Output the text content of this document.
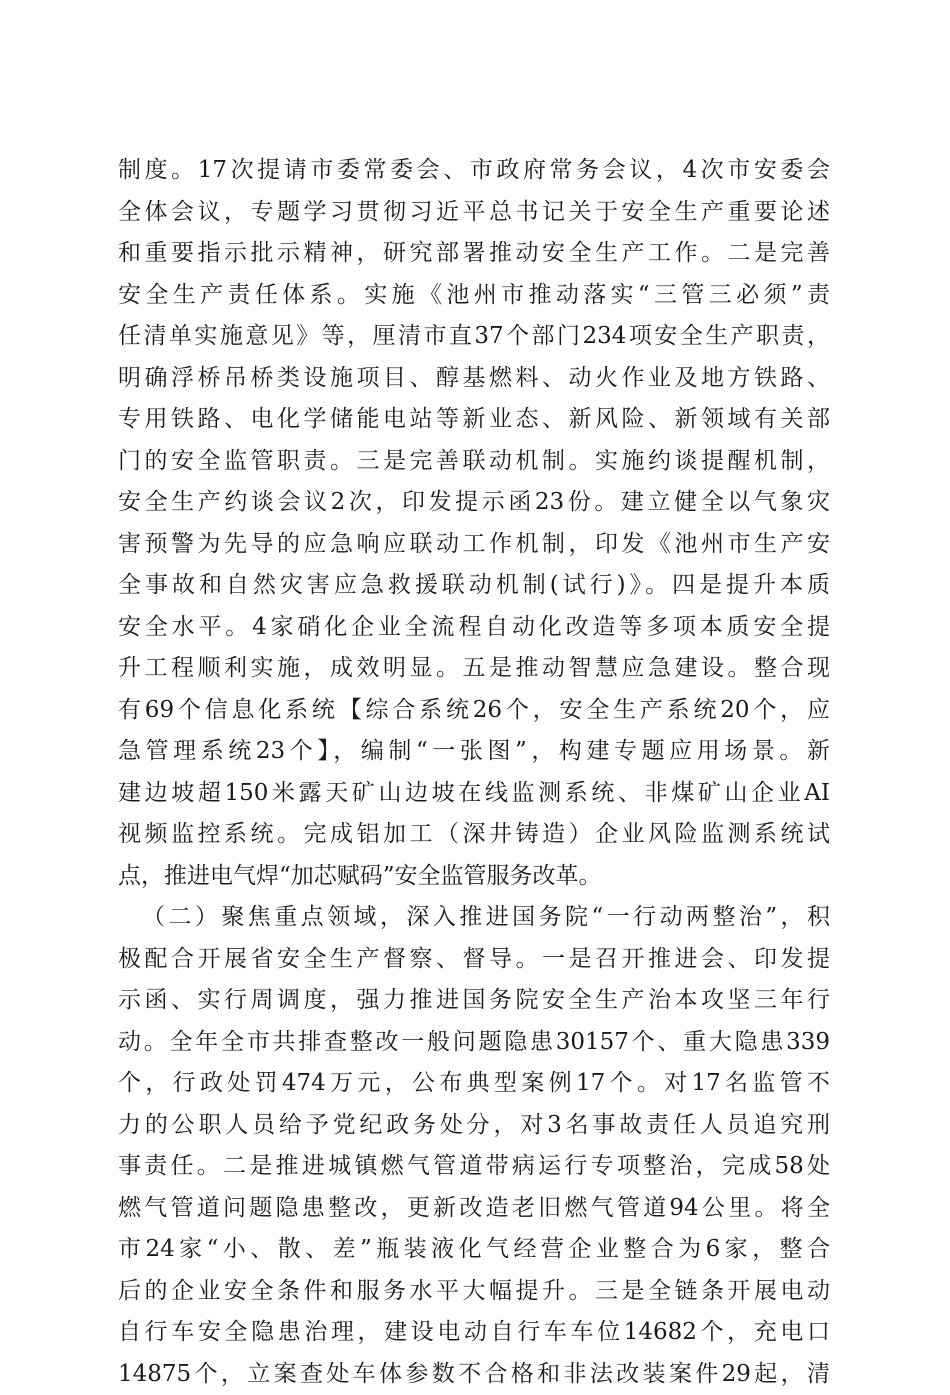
制度。17次提请市委常委会、市政府常务会议，4次市安委会
全体会议，专题学习贯彻习近平总书记关于安全生产重要论述
和重要指示批示精神，研究部署推动安全生产工作。二是完善
安全生产责任体系。实施《池州市推动落实“三管三必须”责
任清单实施意见》等，厘清市直37个部门234项安全生产职责，
明确浮桥吊桥类设施项目、醇基燃料、动火作业及地方铁路、
专用铁路、电化学储能电站等新业态、新风险、新领域有关部
门的安全监管职责。三是完善联动机制。实施约谈提醒机制，
安全生产约谈会议2次，印发提示函23份。建立健全以气象灾
害预警为先导的应急响应联动工作机制，印发《池州市生产安
全事故和自然灾害应急救援联动机制(试行)》。四是提升本质
安全水平。4家硝化企业全流程自动化改造等多项本质安全提
升工程顺利实施，成效明显。五是推动智慧应急建设。整合现
有69个信息化系统【综合系统26个，安全生产系统20个，应
急管理系统23个】，编制“一张图”，构建专题应用场景。新
建边坡超150米露天矿山边坡在线监测系统、非煤矿山企业AI
视频监控系统。完成铝加工（深井铸造）企业风险监测系统试
点，推进电气焊“加芯赋码”安全监管服务改革。
（二）聚焦重点领域，深入推进国务院“一行动两整治”，积
极配合开展省安全生产督察、督导。一是召开推进会、印发提
示函、实行周调度，强力推进国务院安全生产治本攻坚三年行
动。全年全市共排查整改一般问题隐患30157个、重大隐患339
个，行政处罚474万元，公布典型案例17个。对17名监管不
力的公职人员给予党纪政务处分，对3名事故责任人员追究刑
事责任。二是推进城镇燃气管道带病运行专项整治，完成58处
燃气管道问题隐患整改，更新改造老旧燃气管道94公里。将全
市24家“小、散、差”瓶装液化气经营企业整合为6家，整合
后的企业安全条件和服务水平大幅提升。三是全链条开展电动
自行车安全隐患治理，建设电动自行车车位14682个，充电口
14875个，立案查处车体参数不合格和非法改装案件29起，清
